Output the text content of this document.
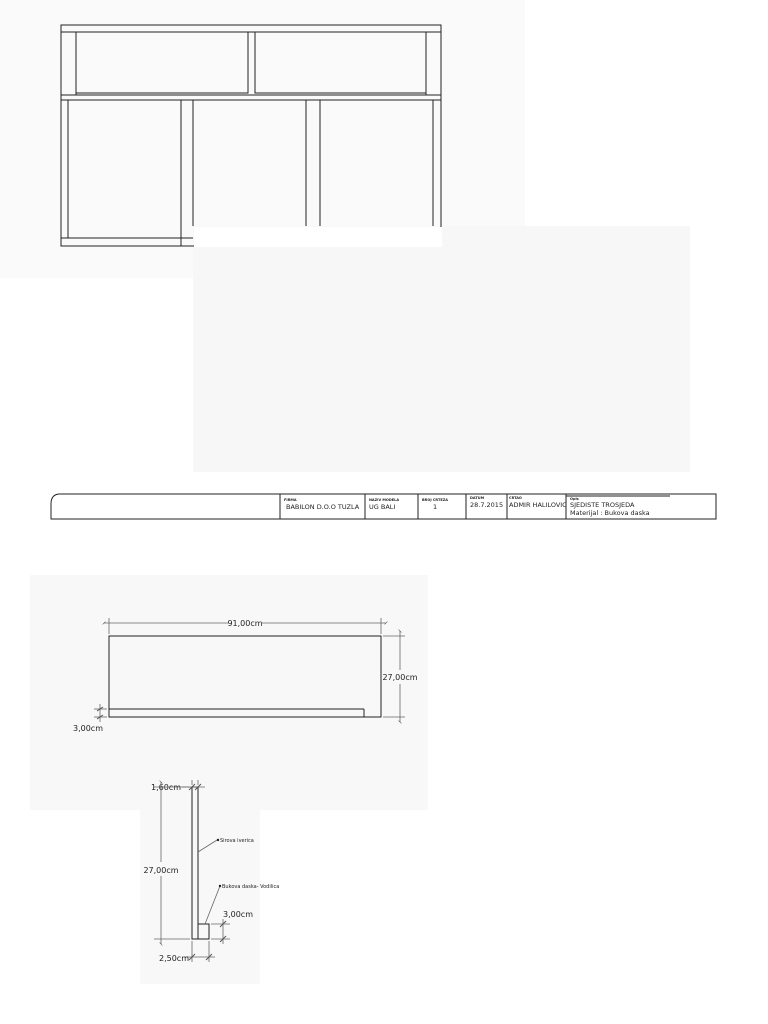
FIRMA
BABILON D.O.O TUZLA
NAZIV MODELA
UG BALI
BROJ CRTEZA
1
DATUM
28.7.2015
CRTAO
ADMIR HALILOVIC
Opis
SJEDISTE TROSJEDA
Materijal : Bukova daska
91,00cm
27,00cm
3,00cm
1,60cm
27,00cm
3,00cm
2,50cm
Sirova iverica
Bukova daska- Vodilica
